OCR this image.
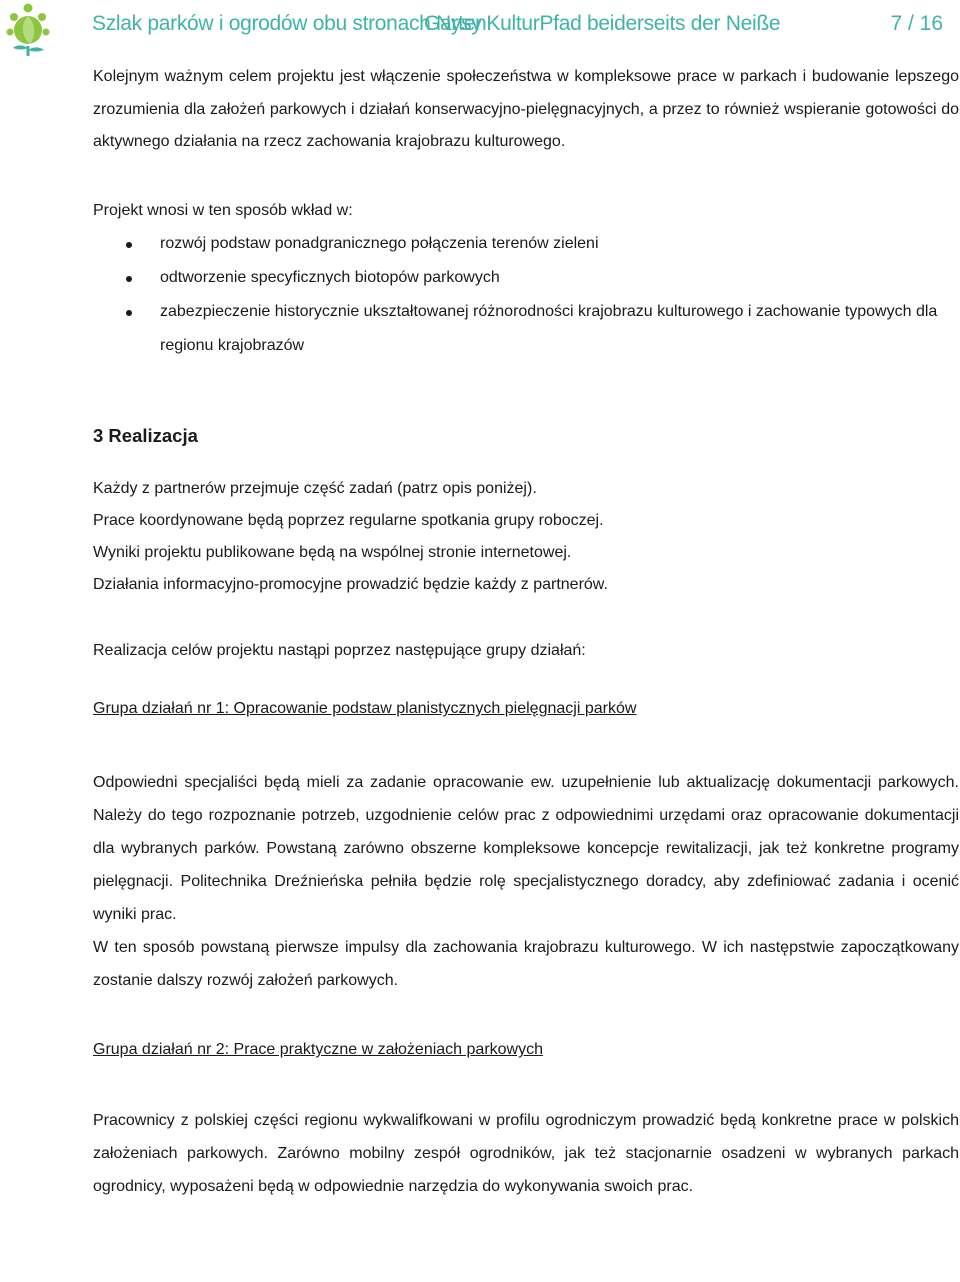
Szlak parków i ogrodów obu stronach Nysy
GartenKulturPfad beiderseits der Neiße	7 / 16

Kolejnym ważnym celem projektu jest włączenie społeczeństwa w kompleksowe prace w parkach i budowanie lepszego zrozumienia dla założeń parkowych i działań konserwacyjno-pielęgnacyjnych, a przez to również wspieranie gotowości do aktywnego działania na rzecz zachowania krajobrazu kulturowego.

Projekt wnosi w ten sposób wkład w:

rozwój podstaw ponadgranicznego połączenia terenów zieleni
odtworzenie specyficznych biotopów parkowych
zabezpieczenie historycznie ukształtowanej różnorodności krajobrazu kulturowego i zachowanie typowych dla regionu krajobrazów
3 Realizacja

Każdy z partnerów przejmuje część zadań (patrz opis poniżej).

Prace koordynowane będą poprzez regularne spotkania grupy roboczej.

Wyniki projektu publikowane będą na wspólnej stronie internetowej.

Działania informacyjno-promocyjne prowadzić będzie każdy z partnerów.

Realizacja celów projektu nastąpi poprzez następujące grupy działań:

Grupa działań nr 1: Opracowanie podstaw planistycznych pielęgnacji parków

Odpowiedni specjaliści będą mieli za zadanie opracowanie ew. uzupełnienie lub aktualizację dokumentacji parkowych. Należy do tego rozpoznanie potrzeb, uzgodnienie celów prac z odpowiednimi urzędami oraz opracowanie dokumentacji dla wybranych parków. Powstaną zarówno obszerne kompleksowe koncepcje rewitalizacji, jak też konkretne programy pielęgnacji. Politechnika Dreźnieńska pełniła będzie rolę specjalistycznego doradcy, aby zdefiniować zadania i ocenić wyniki prac.

W ten sposób powstaną pierwsze impulsy dla zachowania krajobrazu kulturowego. W ich następstwie zapoczątkowany zostanie dalszy rozwój założeń parkowych.

Grupa działań nr 2: Prace praktyczne w założeniach parkowych

Pracownicy z polskiej części regionu wykwalifkowani w profilu ogrodniczym prowadzić będą konkretne prace w polskich założeniach parkowych. Zarówno mobilny zespół ogrodników, jak też stacjonarnie osadzeni w wybranych parkach ogrodnicy, wyposażeni będą w odpowiednie narzędzia do wykonywania swoich prac.
